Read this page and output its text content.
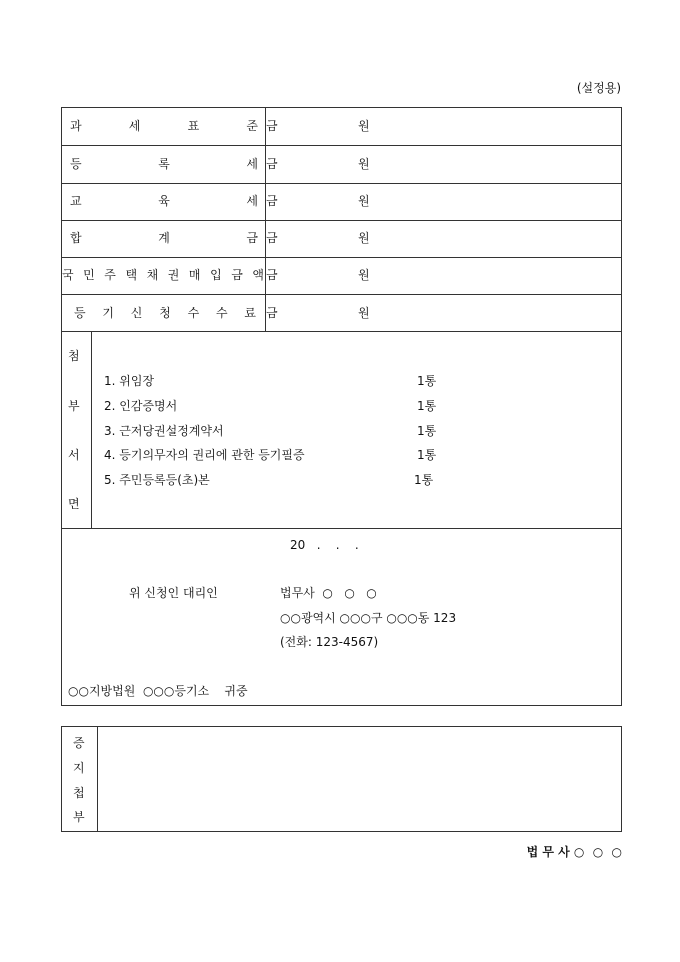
(설정용)
과 세 표 준 금	원
등 록 세 금	원
교 육 세 금	원
합 계 금 금	원
국 민 주 택 채 권 매 입 금 액 금	원
등 기 신 청 수 수 료 금	원
첨
부
서
면
1. 위임장	1통
2. 인감증명서	1통
3. 근저당권설정계약서	1통
4. 등기의무자의 권리에 관한 등기필증	1통
5. 주민등록등(초)본	1통
20   .    .    .
위 신청인 대리인	법무사  ○   ○   ○
○○광역시 ○○○구 ○○○동 123
(전화: 123-4567)
○○지방법원  ○○○등기소    귀중
증
지
첩
부
법 무 사 ○  ○  ○
